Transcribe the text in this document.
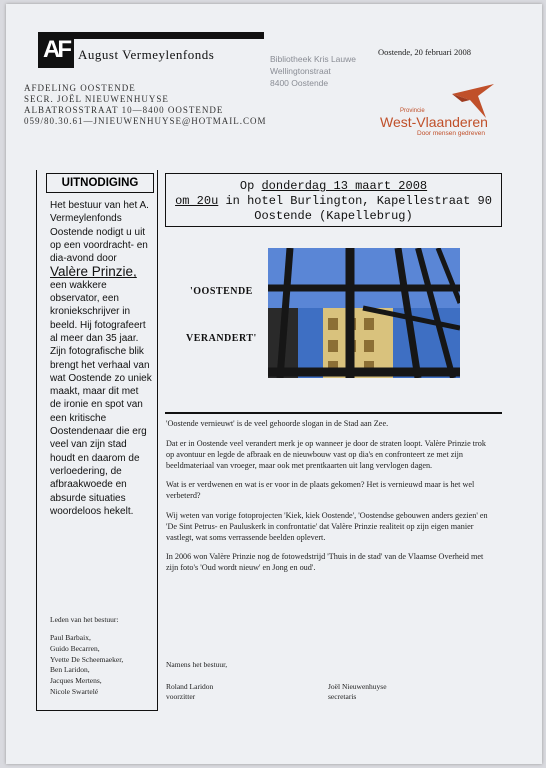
AF August Vermeylenfonds	Oostende, 20 februari 2008
Bibliotheek Kris Lauwe
Wellingtonstraat
8400 Oostende
AFDELING OOSTENDE
SECR. JOËL NIEUWENHUYSE
ALBATROSSTRAAT 10—8400 OOSTENDE
059/80.30.61—JNIEUWENHUYSE@HOTMAIL.COM
Provincie
West-Vlaanderen
Door mensen gedreven
UITNODIGING
Het bestuur van het A. Vermeylenfonds Oostende nodigt u uit op een voordracht- en dia-avond door
Valère Prinzie,
een wakkere observator, een kroniekschrijver in beeld. Hij fotografeert al meer dan 35 jaar. Zijn fotografische blik brengt het verhaal van wat Oostende zo uniek maakt, maar dit met de ironie en spot van een kritische Oostendenaar die erg veel van zijn stad houdt en daarom de verloedering, de afbraakwoede en absurde situaties woordeloos hekelt.
Leden van het bestuur:
Paul Barbaix,
Guido Becarren,
Yvette De Scheemaeker,
Ben Laridon,
Jacques Mertens,
Nicole Swartelé
Op donderdag 13 maart 2008
om 20u in hotel Burlington, Kapellestraat 90
Oostende (Kapellebrug)
'OOSTENDE
VERANDERT'

'Oostende vernieuwt' is de veel gehoorde slogan in de Stad aan Zee.

Dat er in Oostende veel verandert merk je op wanneer je door de straten loopt. Valère Prinzie trok op avontuur en legde de afbraak en de nieuwbouw vast op dia's en confronteert ze met zijn beeldmateriaal van vroeger, maar ook met prentkaarten uit lang vervlogen dagen.

Wat is er verdwenen en wat is er voor in de plaats gekomen? Het is vernieuwd maar is het wel verbeterd?

Wij weten van vorige fotoprojecten 'Kiek, kiek Oostende', 'Oostendse gebouwen anders gezien' en 'De Sint Petrus- en Pauluskerk in confrontatie' dat Valère Prinzie realiteit op zijn eigen manier vastlegt, wat soms verrassende beelden oplevert.

In 2006 won Valère Prinzie nog de fotowedstrijd 'Thuis in de stad' van de Vlaamse Overheid met zijn foto's 'Oud wordt nieuw' en Jong en oud'.

Namens het bestuur,
Roland Laridon
voorzitter
Joël Nieuwenhuyse
secretaris
